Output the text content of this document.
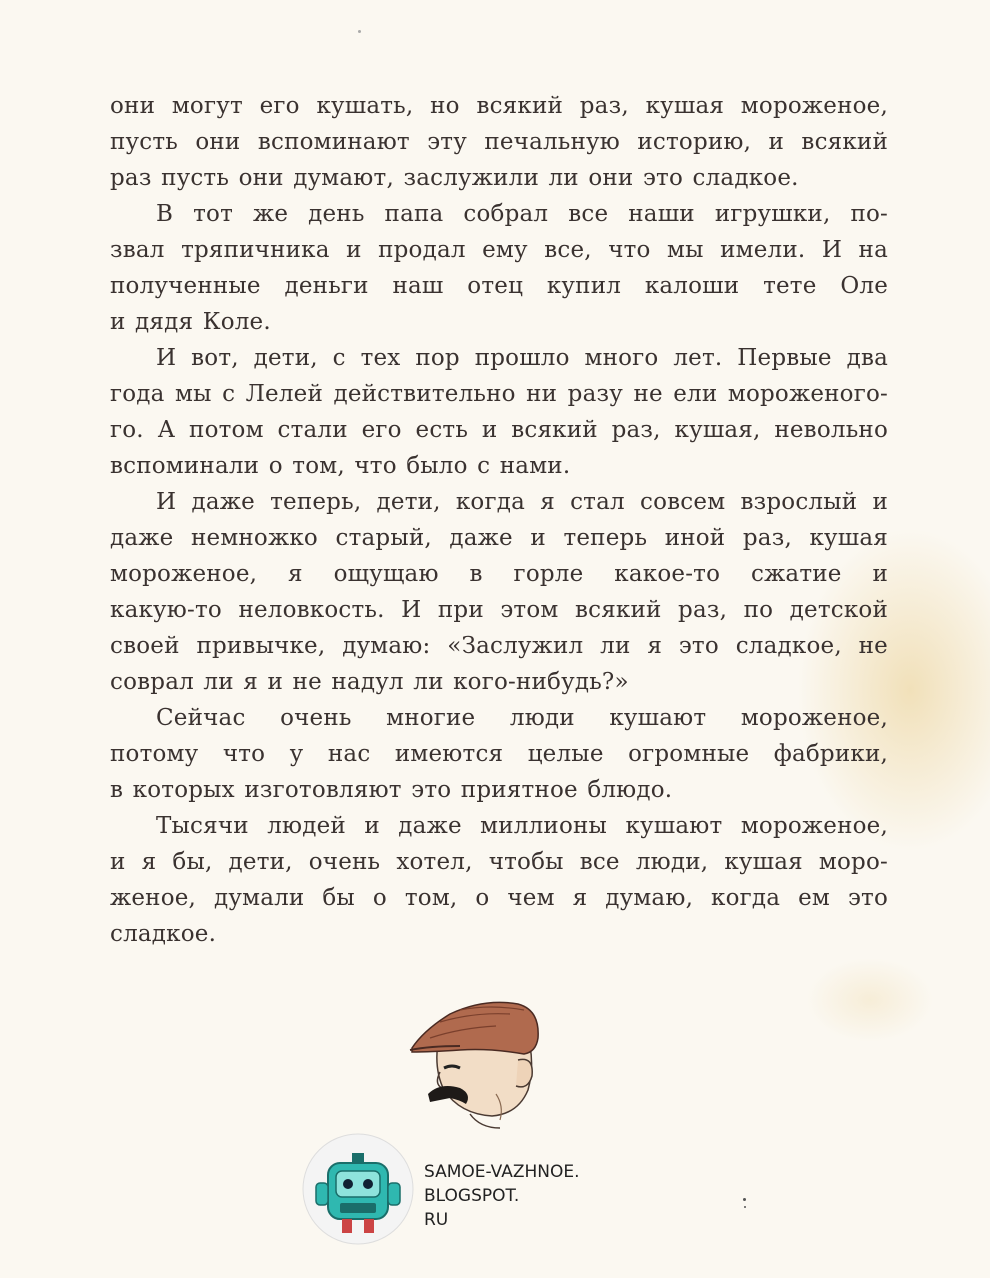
они могут его кушать, но всякий раз, кушая мороженое,
пусть они вспоминают эту печальную историю, и всякий
раз пусть они думают, заслужили ли они это сладкое.

В тот же день папа собрал все наши игрушки, по-
звал тряпичника и продал ему все, что мы имели. И на
полученные деньги наш отец купил калоши тете Оле
и дядя Коле.

И вот, дети, с тех пор прошло много лет. Первые два
года мы с Лелей действительно ни разу не ели мороженого-
го. А потом стали его есть и всякий раз, кушая, невольно
вспоминали о том, что было с нами.

И даже теперь, дети, когда я стал совсем взрослый и
даже немножко старый, даже и теперь иной раз, кушая
мороженое, я ощущаю в горле какое-то сжатие и
какую-то неловкость. И при этом всякий раз, по детской
своей привычке, думаю: «Заслужил ли я это сладкое, не
соврал ли я и не надул ли кого-нибудь?»

Сейчас очень многие люди кушают мороженое,
потому что у нас имеются целые огромные фабрики,
в которых изготовляют это приятное блюдо.

Тысячи людей и даже миллионы кушают мороженое,
и я бы, дети, очень хотел, чтобы все люди, кушая моро-
женое, думали бы о том, о чем я думаю, когда ем это
сладкое.

SAMOE-VAZHNOE.
BLOGSPOT.
RU
